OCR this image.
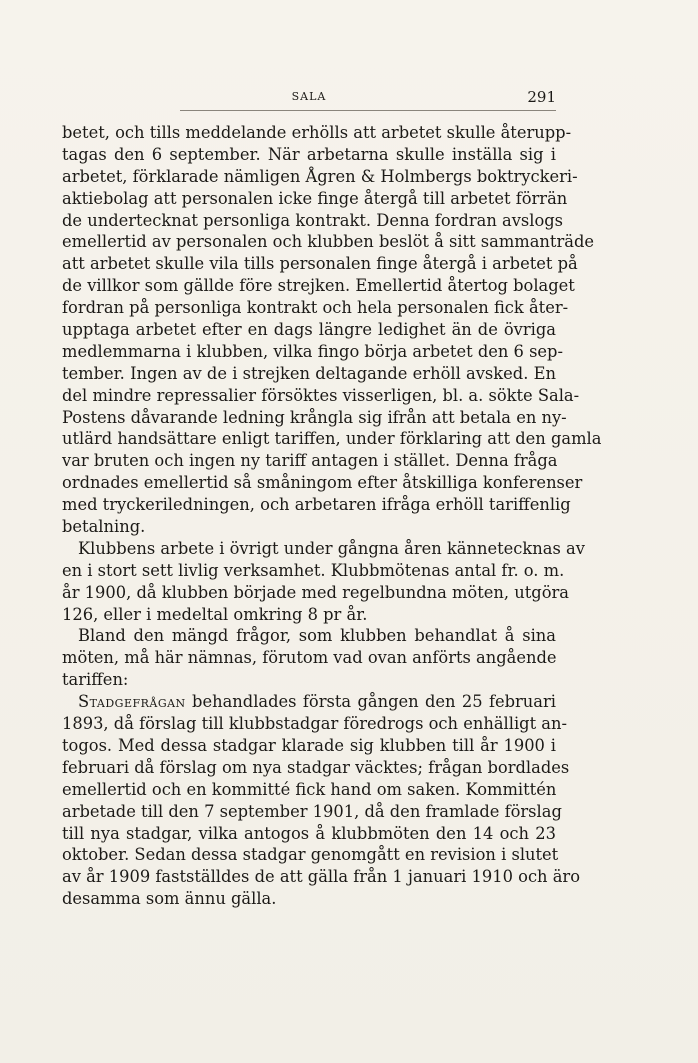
SALA	291
betet, och tills meddelande erhölls att arbetet skulle återupp-
tagas den 6 september. När arbetarna skulle inställa sig i
arbetet, förklarade nämligen Ågren & Holmbergs boktryckeri-
aktiebolag att personalen icke finge återgå till arbetet förrän
de undertecknat personliga kontrakt. Denna fordran avslogs
emellertid av personalen och klubben beslöt å sitt sammanträde
att arbetet skulle vila tills personalen finge återgå i arbetet på
de villkor som gällde före strejken. Emellertid återtog bolaget
fordran på personliga kontrakt och hela personalen fick åter-
upptaga arbetet efter en dags längre ledighet än de övriga
medlemmarna i klubben, vilka fingo börja arbetet den 6 sep-
tember. Ingen av de i strejken deltagande erhöll avsked. En
del mindre repressalier försöktes visserligen, bl. a. sökte Sala-
Postens dåvarande ledning krångla sig ifrån att betala en ny-
utlärd handsättare enligt tariffen, under förklaring att den gamla
var bruten och ingen ny tariff antagen i stället. Denna fråga
ordnades emellertid så småningom efter åtskilliga konferenser
med tryckeriledningen, och arbetaren ifråga erhöll tariffenlig
betalning.
Klubbens arbete i övrigt under gångna åren kännetecknas av
en i stort sett livlig verksamhet. Klubbmötenas antal fr. o. m.
år 1900, då klubben började med regelbundna möten, utgöra
126, eller i medeltal omkring 8 pr år.
Bland den mängd frågor, som klubben behandlat å sina
möten, må här nämnas, förutom vad ovan anförts angående
tariffen:
Stadgefrågan behandlades första gången den 25 februari
1893, då förslag till klubbstadgar föredrogs och enhälligt an-
togos. Med dessa stadgar klarade sig klubben till år 1900 i
februari då förslag om nya stadgar väcktes; frågan bordlades
emellertid och en kommitté fick hand om saken. Kommittén
arbetade till den 7 september 1901, då den framlade förslag
till nya stadgar, vilka antogos å klubbmöten den 14 och 23
oktober. Sedan dessa stadgar genomgått en revision i slutet
av år 1909 fastställdes de att gälla från 1 januari 1910 och äro
desamma som ännu gälla.
